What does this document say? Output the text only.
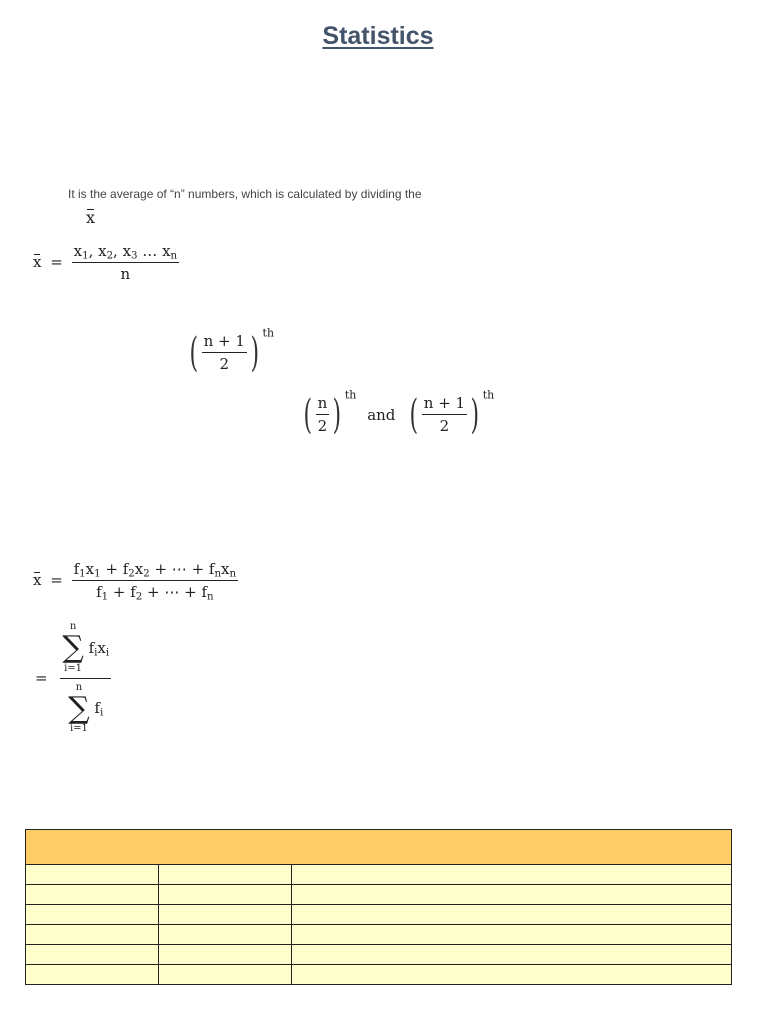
Statistics
It is the average of “n” numbers, which is calculated by dividing the
x
$x = \frac{x_1, x_2, x_3 \dots x_n}{n}$
( $\frac{n + 1}{2}$ ) $^{th}$
( $\frac{n}{2}$ ) $^{th}$ and ( $\frac{n + 1}{2}$ ) $^{th}$
$x = \frac{f_1x_1 + f_2x_2 + \cdots + f_nx_n}{f_1 + f_2 + \cdots + f_n}$
= n
∑
i=1
$f_ix_i$
n
∑
i=1
$f_i$
